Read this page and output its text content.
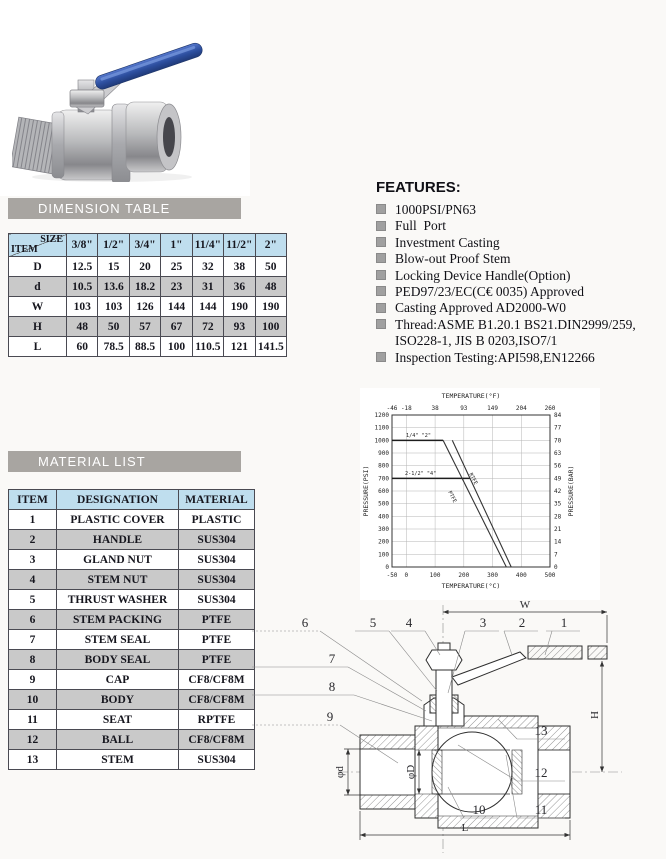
DIMENSION TABLE
SIZE
ITEM	3/8"	1/2"	3/4"	1"	11/4"	11/2"	2"
D	12.5	15	20	25	32	38	50
d	10.5	13.6	18.2	23	31	36	48
W	103	103	126	144	144	190	190
H	48	50	57	67	72	93	100
L	60	78.5	88.5	100	110.5	121	141.5
FEATURES:
1000PSI/PN63
Full  Port
Investment Casting
Blow-out Proof Stem
Locking Device Handle(Option)
PED97/23/EC(C€ 0035) Approved
Casting Approved AD2000-W0
Thread:ASME B1.20.1 BS21.DIN2999/259,
ISO228-1, JIS B 0203,ISO7/1
Inspection Testing:API598,EN12266
-46 -18	38	93	149	204	260
-50 0	100	200	300	400	500
0
100
200
300
400
500
600
700
800
900
1000
1100
1200
0
7
14
21
28
35
42
49
56
63
70
77
84
TEMPERATURE(°F)
TEMPERATURE(°C)
PRESSURE(PSI)	PRESSURE(BAR)
1/4" "2"
2-1/2" "4"
PTFE
RTFE
MATERIAL LIST
ITEM	DESIGNATION	MATERIAL
1	PLASTIC COVER	PLASTIC
2	HANDLE	SUS304
3	GLAND NUT	SUS304
4	STEM NUT	SUS304
5	THRUST WASHER	SUS304
6	STEM PACKING	PTFE
7	STEM SEAL	PTFE
8	BODY SEAL	PTFE
9	CAP	CF8/CF8M
10	BODY	CF8/CF8M
11	SEAT	RPTFE
12	BALL	CF8/CF8M
13	STEM	SUS304
W
H
L
φd	φD
6	5 4	3	2	1
7
8
9
13
12
11
10
